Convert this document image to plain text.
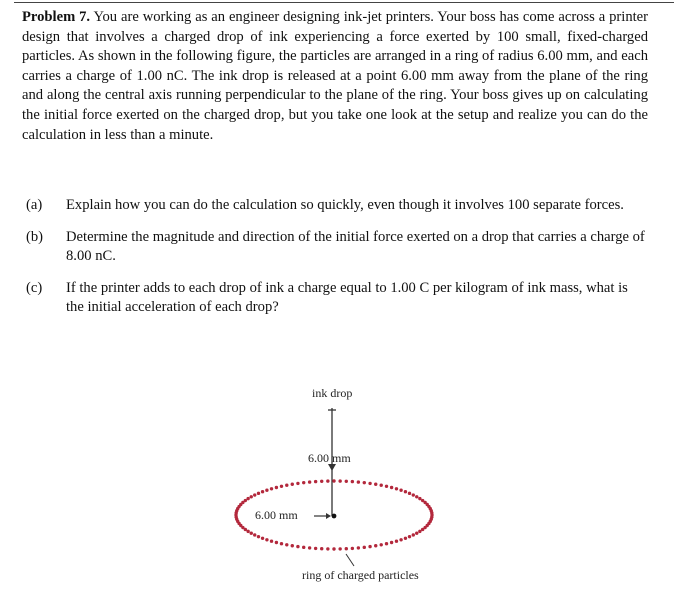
Problem 7. You are working as an engineer designing ink-jet printers. Your boss has come across a printer design that involves a charged drop of ink experiencing a force exerted by 100 small, fixed-charged particles. As shown in the following figure, the particles are arranged in a ring of radius 6.00 mm, and each carries a charge of 1.00 nC. The ink drop is released at a point 6.00 mm away from the plane of the ring and along the central axis running perpendicular to the plane of the ring. Your boss gives up on calculating the initial force exerted on the charged drop, but you take one look at the setup and realize you can do the calculation in less than a minute.
(a)	Explain how you can do the calculation so quickly, even though it involves 100 separate forces.
(b)	Determine the magnitude and direction of the initial force exerted on a drop that carries a charge of 8.00 nC.
(c)	If the printer adds to each drop of ink a charge equal to 1.00 C per kilogram of ink mass, what is the initial acceleration of each drop?
ink drop
6.00 mm
6.00 mm
ring of charged particles
